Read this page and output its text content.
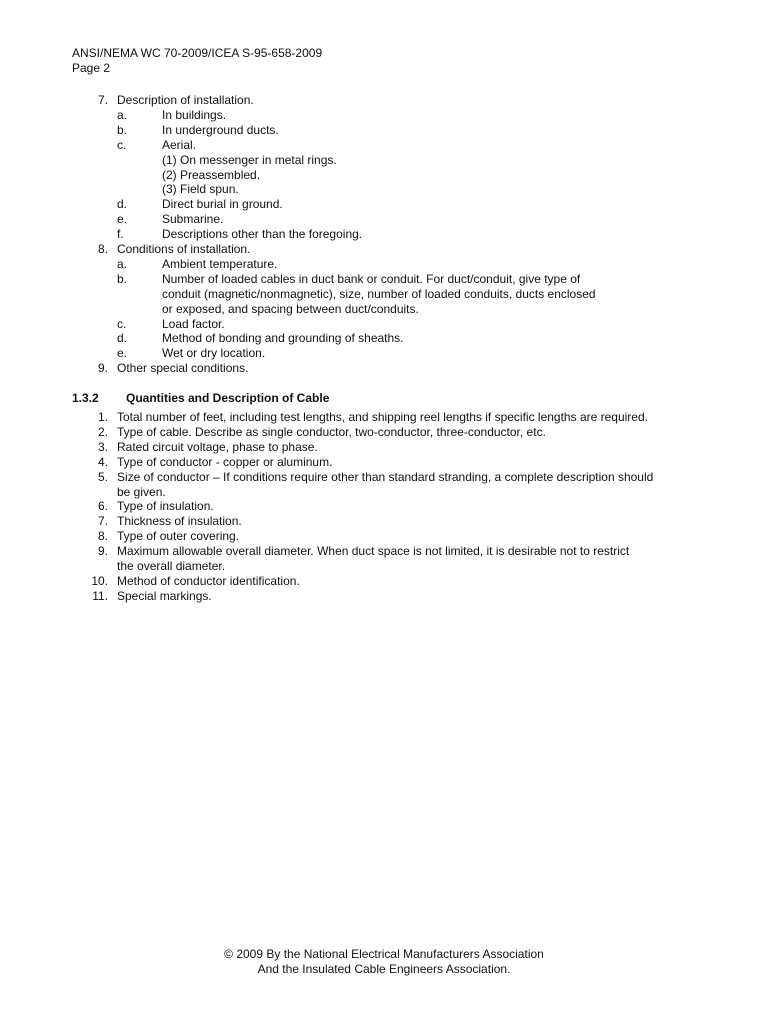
ANSI/NEMA WC 70-2009/ICEA S-95-658-2009
Page 2
7. Description of installation.
a.	In buildings.
b.	In underground ducts.
c.	Aerial.
(1) On messenger in metal rings.
(2) Preassembled.
(3) Field spun.
d.	Direct burial in ground.
e.	Submarine.
f.	Descriptions other than the foregoing.
8. Conditions of installation.
a.	Ambient temperature.
b.	Number of loaded cables in duct bank or conduit. For duct/conduit, give type of
conduit (magnetic/nonmagnetic), size, number of loaded conduits, ducts enclosed
or exposed, and spacing between duct/conduits.
c.	Load factor.
d.	Method of bonding and grounding of sheaths.
e.	Wet or dry location.
9. Other special conditions.
1.3.2 Quantities and Description of Cable
1. Total number of feet, including test lengths, and shipping reel lengths if specific lengths are required.
2. Type of cable. Describe as single conductor, two-conductor, three-conductor, etc.
3. Rated circuit voltage, phase to phase.
4. Type of conductor - copper or aluminum.
5. Size of conductor – If conditions require other than standard stranding, a complete description should
be given.
6. Type of insulation.
7. Thickness of insulation.
8. Type of outer covering.
9. Maximum allowable overall diameter. When duct space is not limited, it is desirable not to restrict
the overall diameter.
10. Method of conductor identification.
11. Special markings.
© 2009 By the National Electrical Manufacturers Association
And the Insulated Cable Engineers Association.
